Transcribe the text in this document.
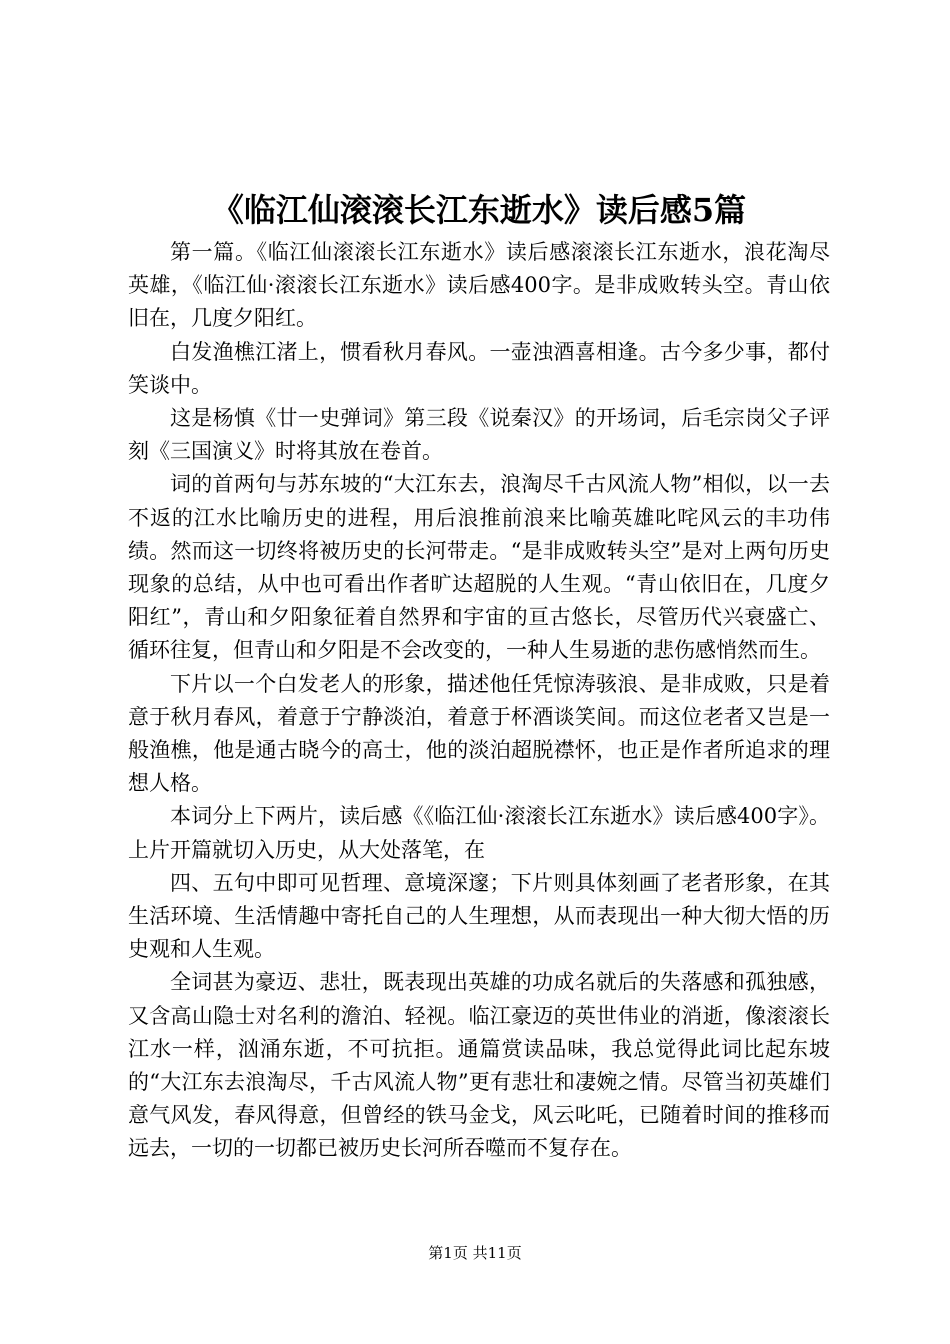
《临江仙滚滚长江东逝水》读后感5篇

第一篇。《临江仙滚滚长江东逝水》读后感滚滚长江东逝水，浪花淘尽英雄，《临江仙·滚滚长江东逝水》读后感400字。是非成败转头空。青山依旧在，几度夕阳红。

白发渔樵江渚上，惯看秋月春风。一壶浊酒喜相逢。古今多少事，都付笑谈中。

这是杨慎《廿一史弹词》第三段《说秦汉》的开场词，后毛宗岗父子评刻《三国演义》时将其放在卷首。

词的首两句与苏东坡的“大江东去，浪淘尽千古风流人物”相似，以一去不返的江水比喻历史的进程，用后浪推前浪来比喻英雄叱咤风云的丰功伟绩。然而这一切终将被历史的长河带走。“是非成败转头空”是对上两句历史现象的总结，从中也可看出作者旷达超脱的人生观。“青山依旧在，几度夕阳红”，青山和夕阳象征着自然界和宇宙的亘古悠长，尽管历代兴衰盛亡、循环往复，但青山和夕阳是不会改变的，一种人生易逝的悲伤感悄然而生。

下片以一个白发老人的形象，描述他任凭惊涛骇浪、是非成败，只是着意于秋月春风，着意于宁静淡泊，着意于杯酒谈笑间。而这位老者又岂是一般渔樵，他是通古晓今的高士，他的淡泊超脱襟怀，也正是作者所追求的理想人格。

本词分上下两片，读后感《《临江仙·滚滚长江东逝水》读后感400字》。上片开篇就切入历史，从大处落笔，在

四、五句中即可见哲理、意境深邃；下片则具体刻画了老者形象，在其生活环境、生活情趣中寄托自己的人生理想，从而表现出一种大彻大悟的历史观和人生观。

全词甚为豪迈、悲壮，既表现出英雄的功成名就后的失落感和孤独感，又含高山隐士对名利的澹泊、轻视。临江豪迈的英世伟业的消逝，像滚滚长江水一样，汹涌东逝，不可抗拒。通篇赏读品味，我总觉得此词比起东坡的“大江东去浪淘尽，千古风流人物”更有悲壮和凄婉之情。尽管当初英雄们意气风发，春风得意，但曾经的铁马金戈，风云叱吒，已随着时间的推移而远去，一切的一切都已被历史长河所吞噬而不复存在。

第1页 共11页
